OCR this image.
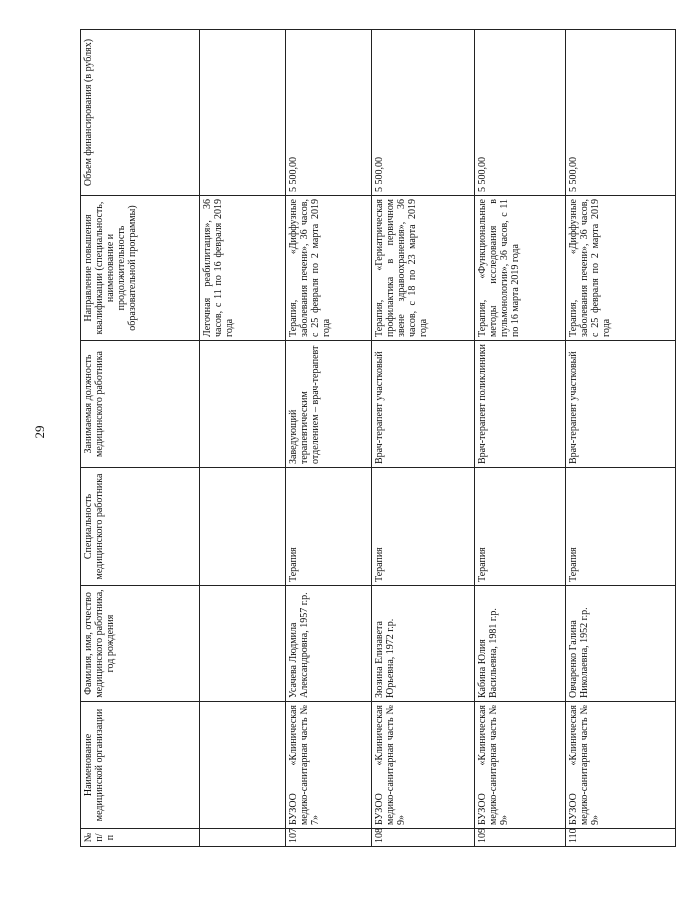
29
№ п/п	Наименование медицинской организации	Фамилия, имя, отчество медицинского работника, год рождения	Специальность медицинского работника	Занимаемая должность медицинского работника	Направление повышения квалификации (специальность, наименование и продолжительность образовательной программы)	Объем финансирования (в рублях)
					Легочная реабилитация», 36 часов, с 11 по 16 февраля 2019 года	
107	БУЗОО «Клиническая медико-санитарная часть № 7»	Усачева Людмила Александровна, 1957 г.р.	Терапия	Заведующий терапевтическим отделением – врач-терапевт	Терапия, «Диффузные заболевания печени», 36 часов, с 25 февраля по 2 марта 2019 года	5 500,00
108	БУЗОО «Клиническая медико-санитарная часть № 9»	Зюзина Елизавета Юрьевна, 1972 г.р.	Терапия	Врач-терапевт участковый	Терапия, «Гериатрическая профилактика в первичном звене здравоохранения», 36 часов, с 18 по 23 марта 2019 года	5 500,00
109	БУЗОО «Клиническая медико-санитарная часть № 9»	Кабина Юлия Васильевна, 1981 г.р.	Терапия	Врач-терапевт поликлиники	Терапия, «Функциональные методы исследования в пульмонологии», 36 часов, с 11 по 16 марта 2019 года	5 500,00
110	БУЗОО «Клиническая медико-санитарная часть № 9»	Овчаренко Галина Николаевна, 1952 г.р.	Терапия	Врач-терапевт участковый	Терапия, «Диффузные заболевания печени», 36 часов, с 25 февраля по 2 марта 2019 года	5 500,00
